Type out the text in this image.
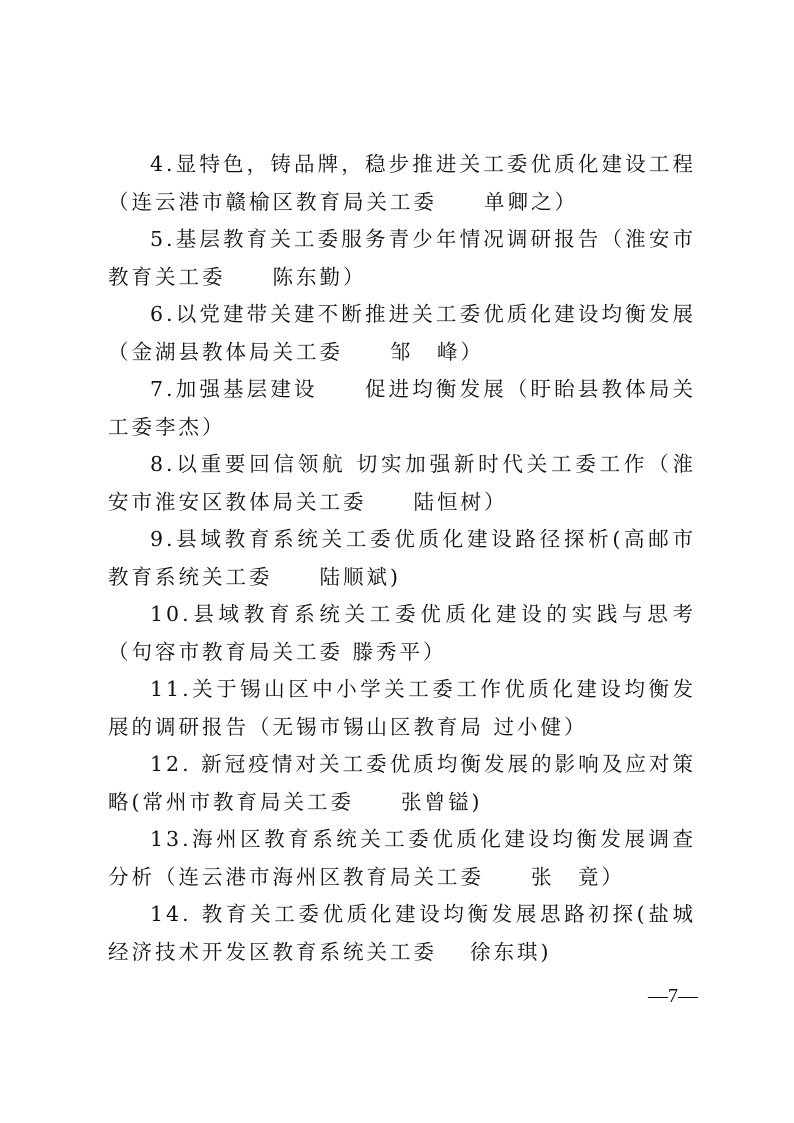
4.显特色，铸品牌，稳步推进关工委优质化建设工程（连云港市赣榆区教育局关工委　　单卿之）

5.基层教育关工委服务青少年情况调研报告（淮安市教育关工委　　陈东勤）

6.以党建带关建不断推进关工委优质化建设均衡发展（金湖县教体局关工委　　邹　峰）

7.加强基层建设　　促进均衡发展（盱眙县教体局关工委李杰）

8.以重要回信领航 切实加强新时代关工委工作（淮安市淮安区教体局关工委　　陆恒树）

9.县域教育系统关工委优质化建设路径探析(高邮市教育系统关工委　　陆顺斌)

10.县域教育系统关工委优质化建设的实践与思考（句容市教育局关工委 滕秀平）

11.关于锡山区中小学关工委工作优质化建设均衡发展的调研报告（无锡市锡山区教育局 过小健）

12. 新冠疫情对关工委优质均衡发展的影响及应对策略(常州市教育局关工委　　张曾镒)

13.海州区教育系统关工委优质化建设均衡发展调查分析（连云港市海州区教育局关工委　　张　竟）

14. 教育关工委优质化建设均衡发展思路初探(盐城经济技术开发区教育系统关工委　 徐东琪)

—7—
